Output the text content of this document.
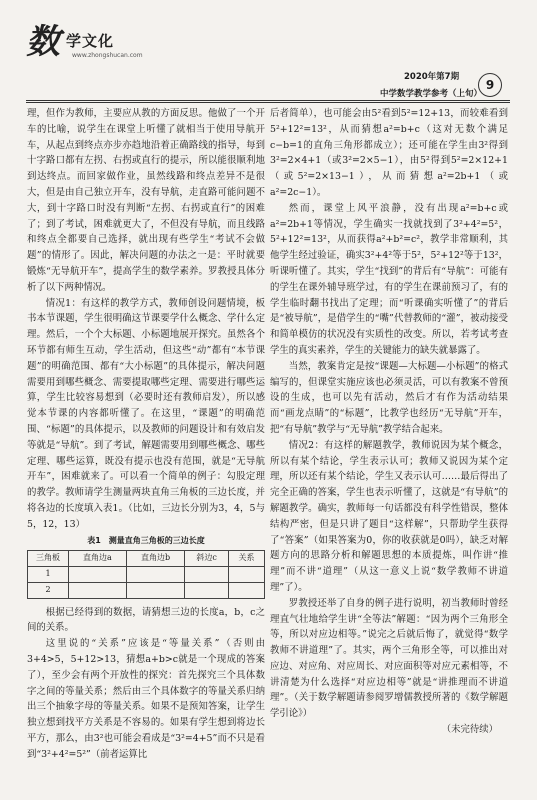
数 学文化
www.zhongshucan.com
2020年第7期
中学数学教学参考（上旬）
9

理，但作为教师，主要应从教的方面反思。他做了一个开车的比喻，说学生在课堂上听懂了就相当于使用导航开车，从起点到终点亦步亦趋地沿着正确路线的指导，每到十字路口都有左拐、右拐或直行的提示，所以能很顺利地到达终点。而回家做作业，虽然线路和终点差异不是很大，但是由自己独立开车，没有导航，走直路可能问题不大，到十字路口时没有判断“左拐、右拐或直行”的困难了；到了考试，困难就更大了，不但没有导航，而且线路和终点全都要自己选择，就出现有些学生“考试不会做题”的情形了。因此，解决问题的办法之一是：平时就要锻炼“无导航开车”，提高学生的数学素养。罗教授具体分析了以下两种情况。

情况1：有这样的教学方式，教师创设问题情境，板书本节课题，学生很明确这节课要学什么概念、学什么定理。然后，一个个大标题、小标题地展开探究。虽然各个环节都有师生互动，学生活动，但这些“动”都有“本节课题”的明确范围、都有“大小标题”的具体提示，解决问题需要用到哪些概念、需要提取哪些定理、需要进行哪些运算，学生比较容易想到（必要时还有教师启发），所以感觉本节课的内容都听懂了。在这里，“课题”的明确范围、“标题”的具体提示，以及教师的问题设计和有效启发等就是“导航”。到了考试，解题需要用到哪些概念、哪些定理、哪些运算，既没有提示也没有范围，就是“无导航开车”，困难就来了。可以看一个简单的例子：勾股定理的教学。教师请学生测量两块直角三角板的三边长度，并将各边的长度填入表1。（比如，三边长分别为3，4，5与5，12，13）

表1　测量直角三角板的三边长度
三角板	直角边a	直角边b	斜边c	关系
1				
2				

根据已经得到的数据，请猜想三边的长度a，b，c之间的关系。

这里说的“关系”应该是“等量关系”（否则由3+4>5，5+12>13，猜想a+b>c就是一个现成的答案了），至少会有两个开放性的探究：首先探究三个具体数字之间的等量关系；然后由三个具体数字的等量关系归纳出三个抽象字母的等量关系。如果不是预知答案，让学生独立想到找平方关系是不容易的。如果有学生想到将边长平方，那么，由3²也可能会看成是“3²=4+5”而不只是看到“3²+4²=5²”（前者运算比

后者简单），也可能会由5²看到5²=12+13，而较难看到5²+12²=13²，从而猜想a²=b+c（这对无数个满足c−b=1的直角三角形都成立）；还可能在学生由3²得到3²=2×4+1（或3²=2×5−1），由5²得到5²=2×12+1（或5²=2×13−1），从而猜想a²=2b+1（或a²=2c−1）。

然而，课堂上风平浪静，没有出现a²=b+c或a²=2b+1等情况，学生确实一找就找到了3²+4²=5²，5²+12²=13²，从而获得a²+b²=c²，教学非常顺利，其他学生经过验证，确实3²+4²等于5²，5²+12²等于13²，听课听懂了。其实，学生“找到”的背后有“导航”：可能有的学生在课外辅导班学过，有的学生在课前预习了，有的学生临时翻书找出了定理；而“听课确实听懂了”的背后是“被导航”，是借学生的“嘴”代替教师的“灌”，被动接受和简单模仿的状况没有实质性的改变。所以，若考试考查学生的真实素养，学生的关键能力的缺失就暴露了。

当然，教案肯定是按“课题—大标题—小标题”的格式编写的，但课堂实施应该也必须灵活，可以有教案不曾预设的生成，也可以先有活动，然后才有作为活动结果而“画龙点睛”的“标题”，比教学也经历“无导航”开车，把“有导航”教学与“无导航”教学结合起来。

情况2：有这样的解题教学，教师说因为某个概念，所以有某个结论，学生表示认可；教师又说因为某个定理，所以还有某个结论，学生又表示认可……最后得出了完全正确的答案，学生也表示听懂了，这就是“有导航”的解题教学。确实，教师每一句话都没有科学性错误，整体结构严密，但是只讲了题目“这样解”，只帮助学生获得了“答案”（如果答案为0，你的收获就是0吗），缺乏对解题方向的思路分析和解题思想的本质提炼，叫作讲“推理”而不讲“道理”（从这一意义上说“数学教师不讲道理”了）。

罗教授还举了自身的例子进行说明，初当教师时曾经理直气壮地给学生讲“全等法”解题：“因为两个三角形全等，所以对应边相等。”说完之后就后悔了，就觉得“数学教师不讲道理”了。其实，两个三角形全等，可以推出对应边、对应角、对应周长、对应面积等对应元素相等，不讲清楚为什么选择“对应边相等”就是“讲推理而不讲道理”。（关于数学解题请参阅罗增儒教授所著的《数学解题学引论》）

（未完待续）
